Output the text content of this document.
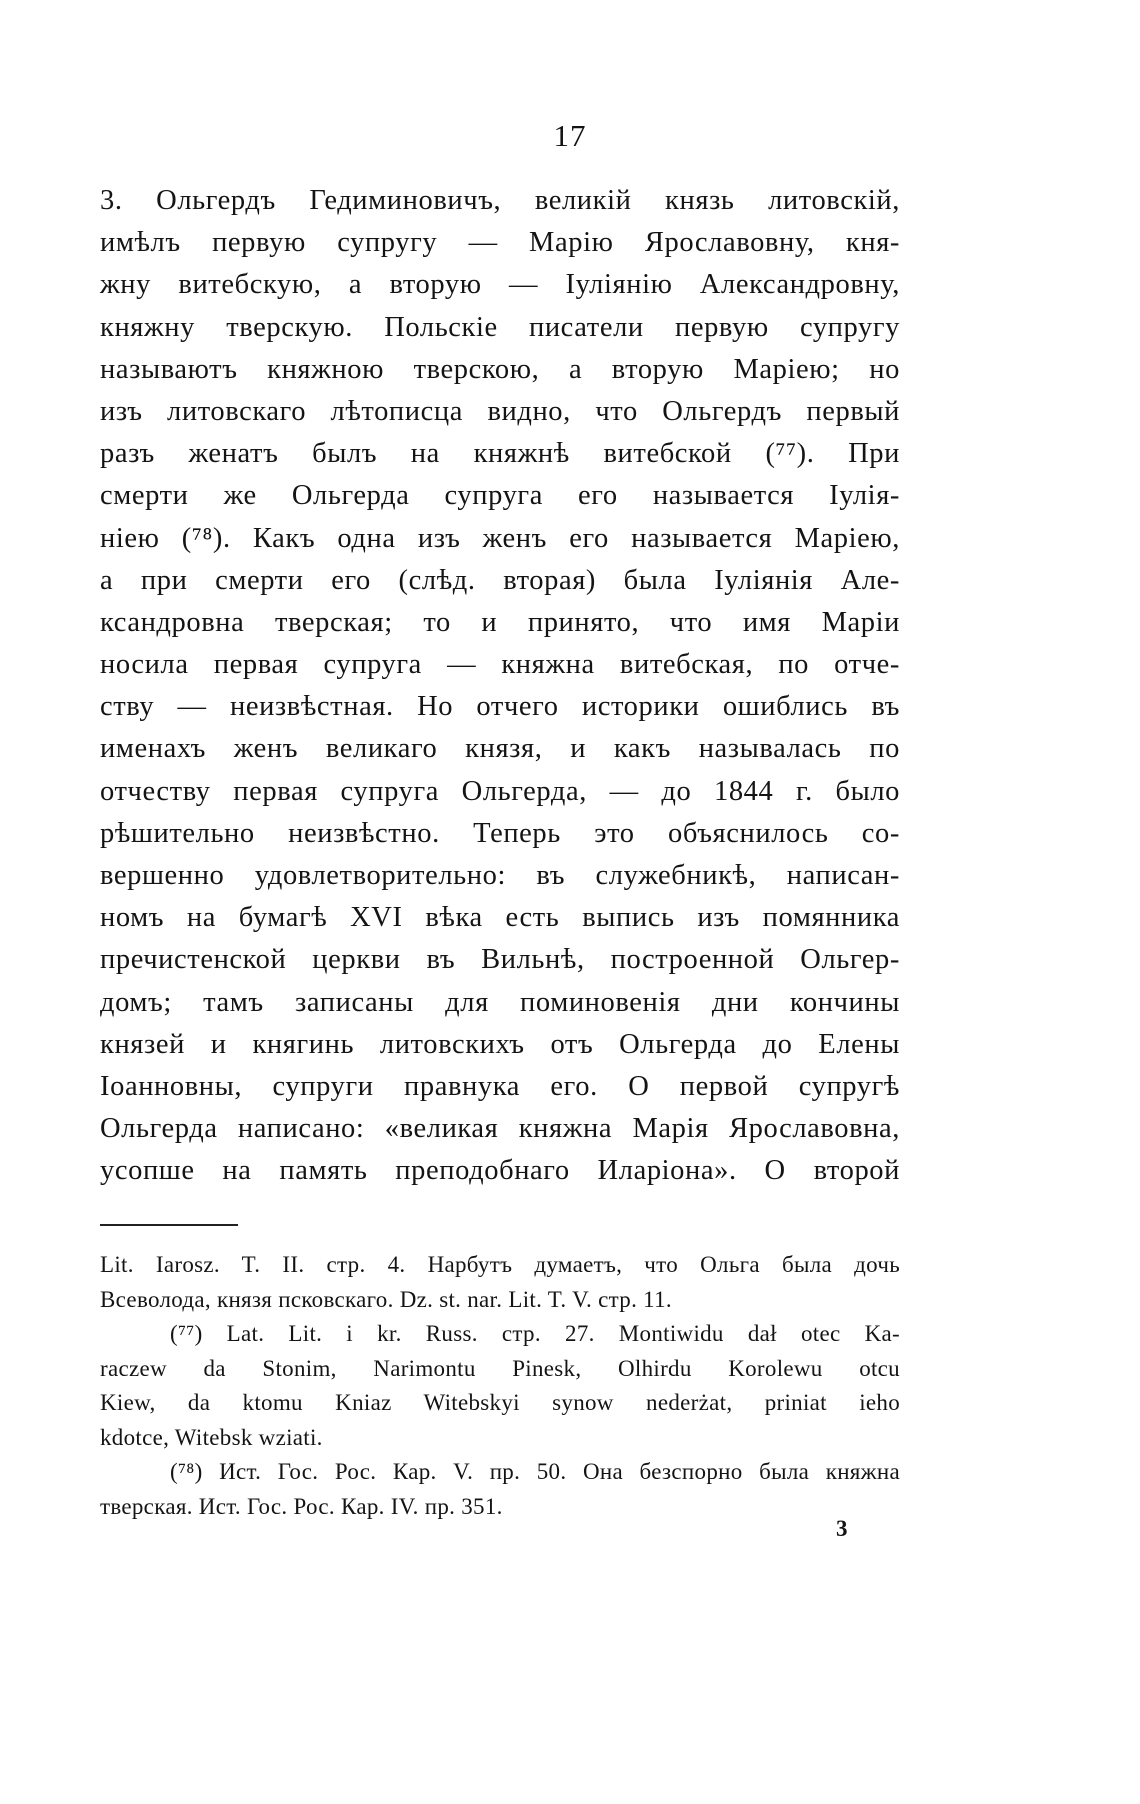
17
3. Ольгердъ Гедиминовичъ, великій князь литовскій,
имѣлъ первую супругу — Марію Ярославовну, кня-
жну витебскую, а вторую — Іуліянію Александровну,
княжну тверскую. Польскіе писатели первую супругу
называютъ княжною тверскою, а вторую Маріею; но
изъ литовскаго лѣтописца видно, что Ольгердъ первый
разъ женатъ былъ на княжнѣ витебской (⁷⁷). При
смерти же Ольгерда супруга его называется Іулія-
ніею (⁷⁸). Какъ одна изъ женъ его называется Маріею,
а при смерти его (слѣд. вторая) была Іуліянія Але-
ксандровна тверская; то и принято, что имя Маріи
носила первая супруга — княжна витебская, по отче-
ству — неизвѣстная. Но отчего историки ошиблись въ
именахъ женъ великаго князя, и какъ называлась по
отчеству первая супруга Ольгерда, — до 1844 г. было
рѣшительно неизвѣстно. Теперь это объяснилось со-
вершенно удовлетворительно: въ служебникѣ, написан-
номъ на бумагѣ XVI вѣка есть выпись изъ помянника
пречистенской церкви въ Вильнѣ, построенной Ольгер-
домъ; тамъ записаны для поминовенія дни кончины
князей и княгинь литовскихъ отъ Ольгерда до Елены
Іоанновны, супруги правнука его. О первой супругѣ
Ольгерда написано: «великая княжна Марія Ярославовна,
усопше на память преподобнаго Иларіона». О второй
Lit. Iarosz. T. II. стр. 4. Нарбутъ думаетъ, что Ольга была дочь
Всеволода, князя псковскаго. Dz. st. nar. Lit. T. V. стр. 11.
(⁷⁷) Lat. Lit. i kr. Russ. стр. 27. Montiwidu dał otec Ka-
raczew da Stonim, Narimontu Pinesk, Olhirdu Korolewu otcu
Kiew, da ktomu Kniaz Witebskyi synow nederżat, priniat ieho
kdotce, Witebsk wziati.
(⁷⁸) Ист. Гос. Рос. Кар. V. пр. 50. Она безспорно была княжна
тверская. Ист. Гос. Рос. Кар. IV. пр. 351.
3
